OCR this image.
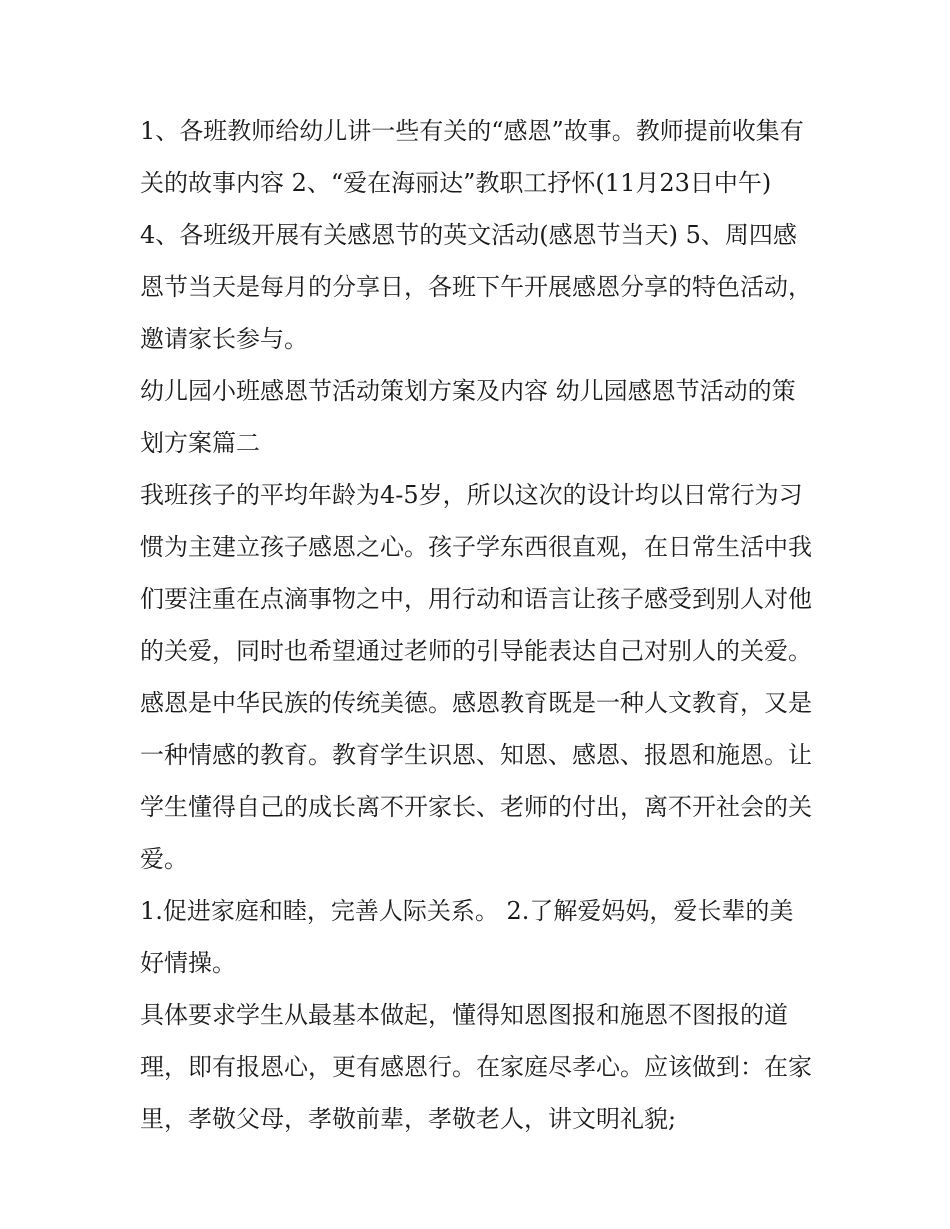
1、各班教师给幼儿讲一些有关的“感恩”故事。教师提前收集有关的故事内容 2、“爱在海丽达”教职工抒怀(11月23日中午) 4、各班级开展有关感恩节的英文活动(感恩节当天) 5、周四感恩节当天是每月的分享日，各班下午开展感恩分享的特色活动，邀请家长参与。

幼儿园小班感恩节活动策划方案及内容 幼儿园感恩节活动的策划方案篇二

我班孩子的平均年龄为4-5岁，所以这次的设计均以日常行为习惯为主建立孩子感恩之心。孩子学东西很直观，在日常生活中我们要注重在点滴事物之中，用行动和语言让孩子感受到别人对他的关爱，同时也希望通过老师的引导能表达自己对别人的关爱。感恩是中华民族的传统美德。感恩教育既是一种人文教育，又是一种情感的教育。教育学生识恩、知恩、感恩、报恩和施恩。让学生懂得自己的成长离不开家长、老师的付出，离不开社会的关爱。

1.促进家庭和睦，完善人际关系。 2.了解爱妈妈，爱长辈的美好情操。

具体要求学生从最基本做起，懂得知恩图报和施恩不图报的道理，即有报恩心，更有感恩行。在家庭尽孝心。应该做到：在家里，孝敬父母，孝敬前辈，孝敬老人，讲文明礼貌;
